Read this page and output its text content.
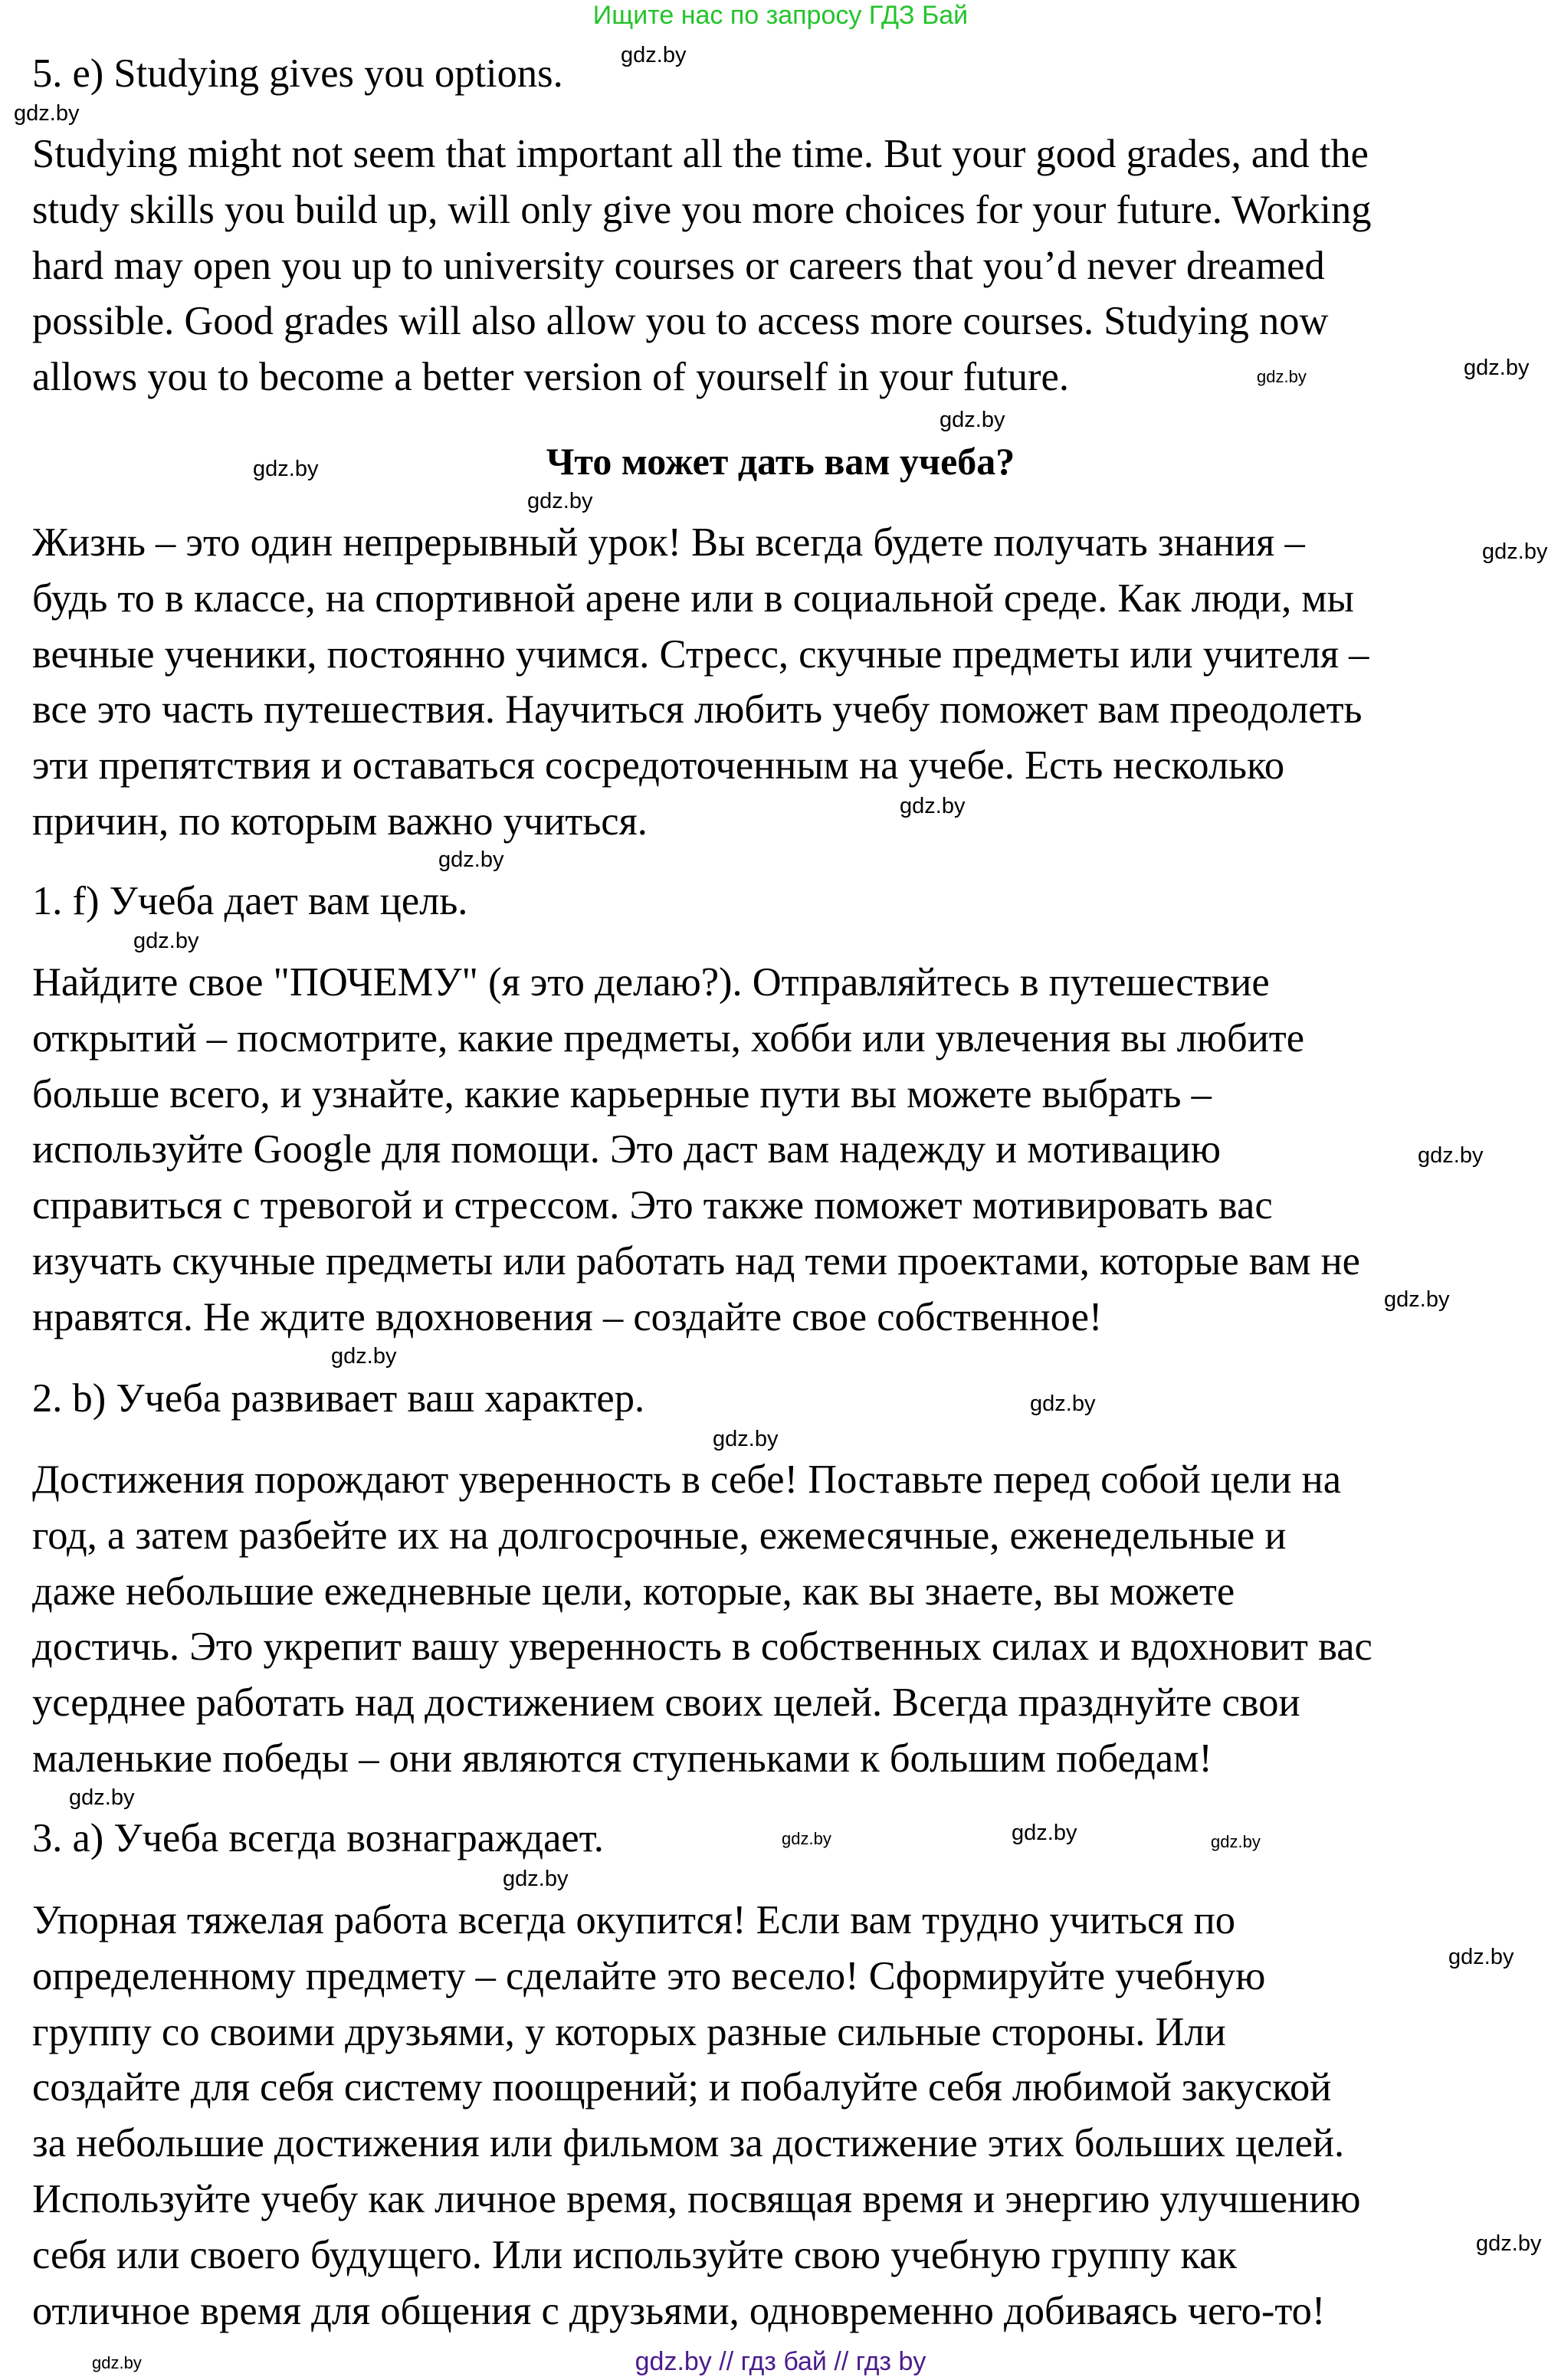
Ищите нас по запросу ГДЗ Бай
5. e) Studying gives you options.
Studying might not seem that important all the time. But your good grades, and the
study skills you build up, will only give you more choices for your future. Working
hard may open you up to university courses or careers that you’d never dreamed
possible. Good grades will also allow you to access more courses. Studying now
allows you to become a better version of yourself in your future.
Что может дать вам учеба?
Жизнь – это один непрерывный урок! Вы всегда будете получать знания –
будь то в классе, на спортивной арене или в социальной среде. Как люди, мы
вечные ученики, постоянно учимся. Стресс, скучные предметы или учителя –
все это часть путешествия. Научиться любить учебу поможет вам преодолеть
эти препятствия и оставаться сосредоточенным на учебе. Есть несколько
причин, по которым важно учиться.
1. f) Учеба дает вам цель.
Найдите свое "ПОЧЕМУ" (я это делаю?). Отправляйтесь в путешествие
открытий – посмотрите, какие предметы, хобби или увлечения вы любите
больше всего, и узнайте, какие карьерные пути вы можете выбрать –
используйте Google для помощи. Это даст вам надежду и мотивацию
справиться с тревогой и стрессом. Это также поможет мотивировать вас
изучать скучные предметы или работать над теми проектами, которые вам не
нравятся. Не ждите вдохновения – создайте свое собственное!
2. b) Учеба развивает ваш характер.
Достижения порождают уверенность в себе! Поставьте перед собой цели на
год, а затем разбейте их на долгосрочные, ежемесячные, еженедельные и
даже небольшие ежедневные цели, которые, как вы знаете, вы можете
достичь. Это укрепит вашу уверенность в собственных силах и вдохновит вас
усерднее работать над достижением своих целей. Всегда празднуйте свои
маленькие победы – они являются ступеньками к большим победам!
3. a) Учеба всегда вознаграждает.
Упорная тяжелая работа всегда окупится! Если вам трудно учиться по
определенному предмету – сделайте это весело! Сформируйте учебную
группу со своими друзьями, у которых разные сильные стороны. Или
создайте для себя систему поощрений; и побалуйте себя любимой закуской
за небольшие достижения или фильмом за достижение этих больших целей.
Используйте учебу как личное время, посвящая время и энергию улучшению
себя или своего будущего. Или используйте свою учебную группу как
отличное время для общения с друзьями, одновременно добиваясь чего-то!
gdz.by
gdz.by
gdz.by	gdz.by
gdz.by
gdz.by
gdz.by
gdz.by
gdz.by
gdz.by
gdz.by
gdz.by
gdz.by
gdz.by
gdz.by
gdz.by
gdz.by
gdz.by
gdz.by
gdz.by
gdz.by	gdz.by
gdz.by
gdz.by	gdz.by // гдз бай // гдз by
